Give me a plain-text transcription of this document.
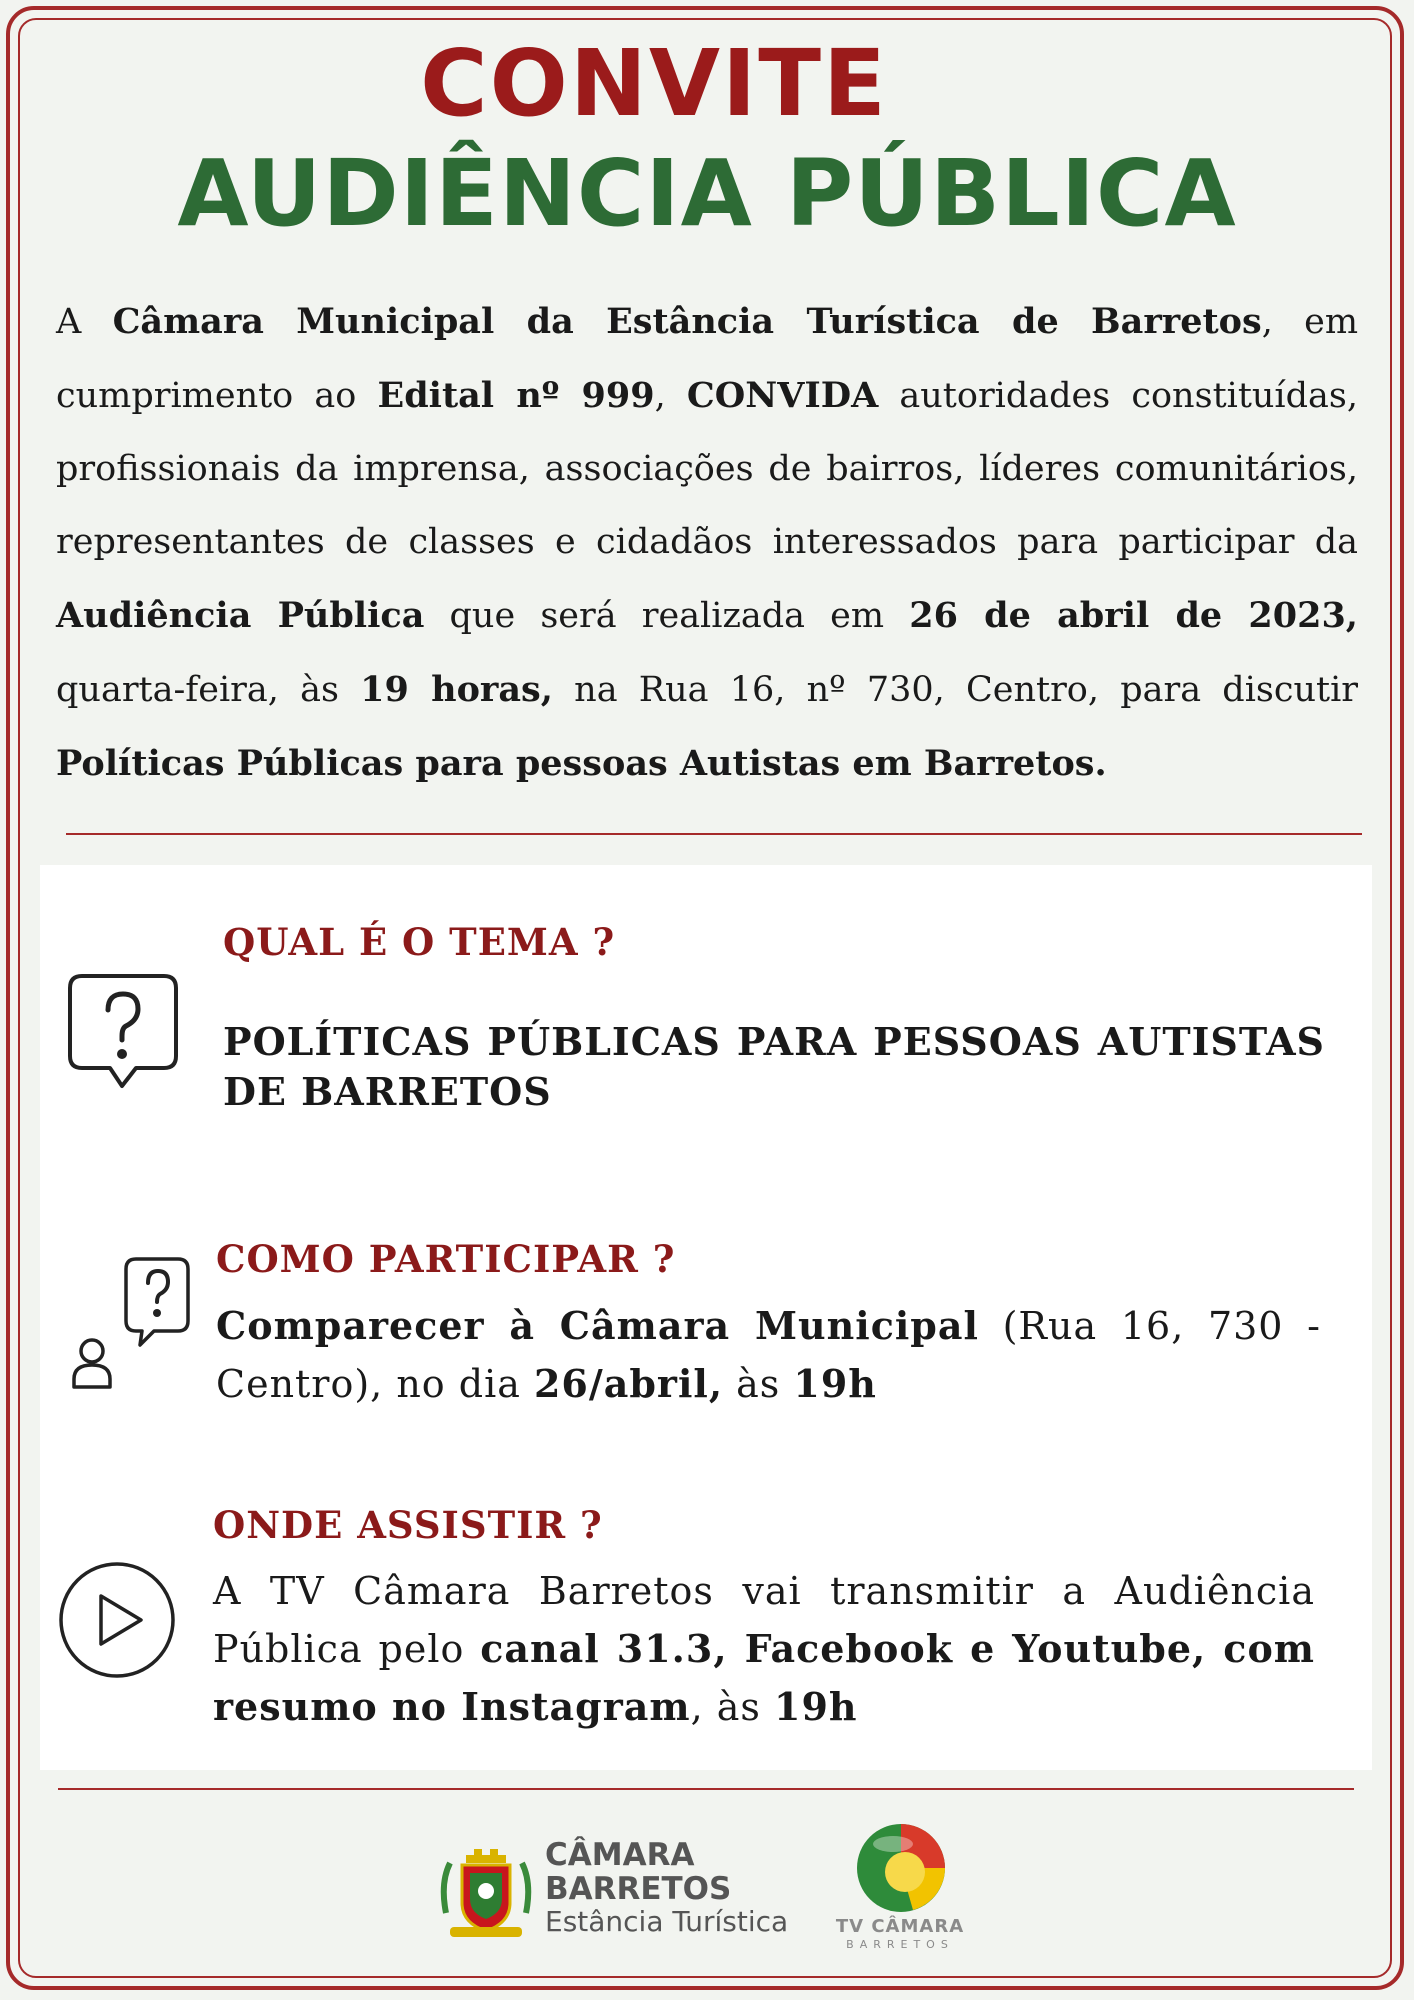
CONVITE
AUDIÊNCIA PÚBLICA
A Câmara Municipal da Estância Turística de Barretos, em cumprimento ao Edital nº 999, CONVIDA autoridades constituídas, profissionais da imprensa, associações de bairros, líderes comunitários, representantes de classes e cidadãos interessados para participar da Audiência Pública que será realizada em 26 de abril de 2023, quarta-feira, às 19 horas, na Rua 16, nº 730, Centro, para discutir Políticas Públicas para pessoas Autistas em Barretos.
QUAL É O TEMA ?
POLÍTICAS PÚBLICAS PARA PESSOAS AUTISTAS DE BARRETOS
COMO PARTICIPAR ?
Comparecer à Câmara Municipal (Rua 16, 730 - Centro), no dia 26/abril, às 19h
ONDE ASSISTIR ?
A TV Câmara Barretos vai transmitir a Audiência Pública pelo canal 31.3, Facebook e Youtube, com resumo no Instagram, às 19h
CÂMARA
BARRETOS
Estância Turística	TV CÂMARA
BARRETOS
